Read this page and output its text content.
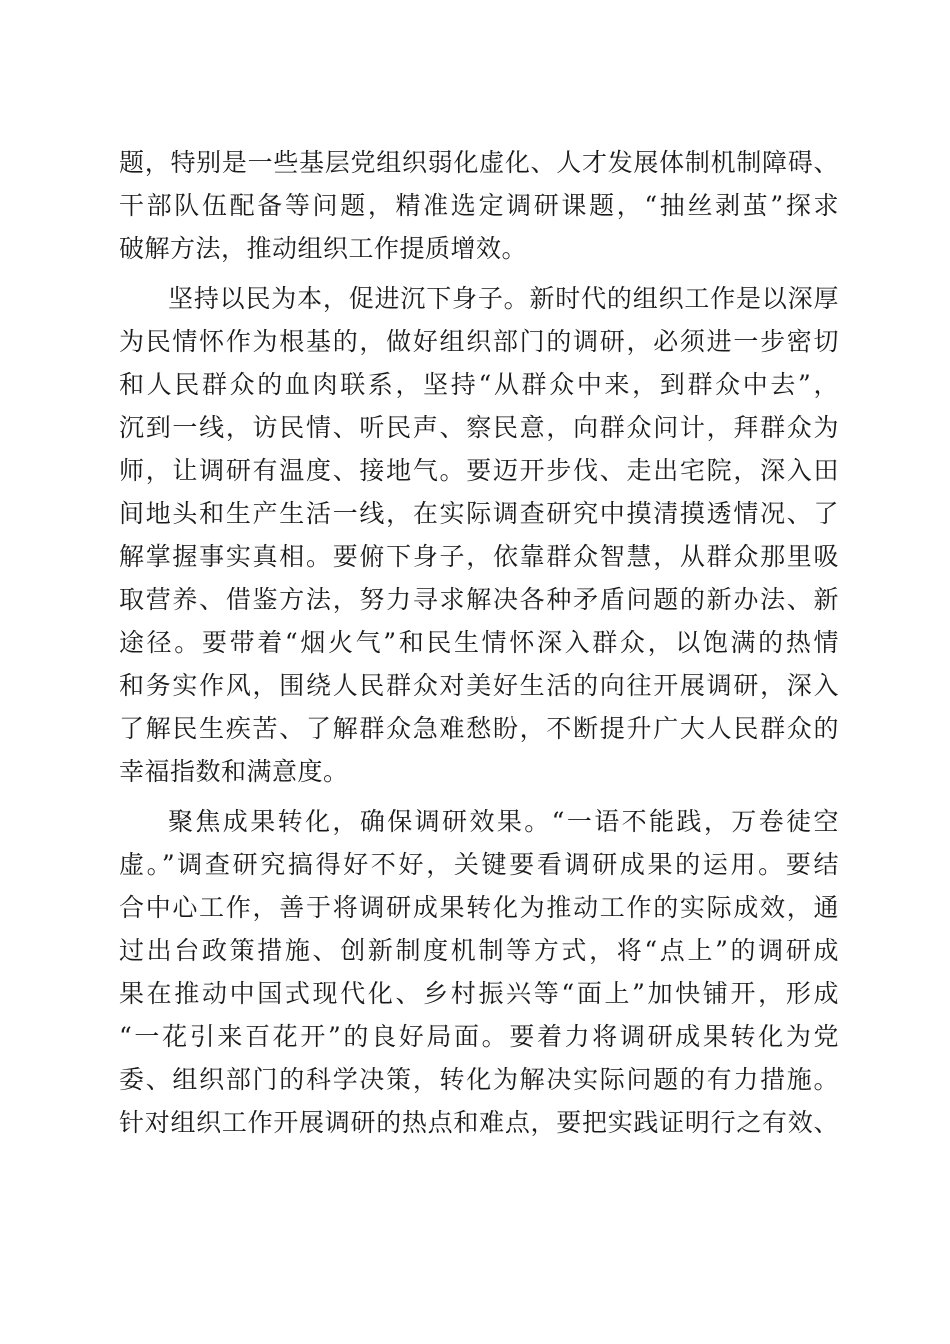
题，特别是一些基层党组织弱化虚化、人才发展体制机制障碍、
干部队伍配备等问题，精准选定调研课题，“抽丝剥茧”探求
破解方法，推动组织工作提质增效。
坚持以民为本，促进沉下身子。新时代的组织工作是以深厚
为民情怀作为根基的，做好组织部门的调研，必须进一步密切
和人民群众的血肉联系，坚持“从群众中来，到群众中去”，
沉到一线，访民情、听民声、察民意，向群众问计，拜群众为
师，让调研有温度、接地气。要迈开步伐、走出宅院，深入田
间地头和生产生活一线，在实际调查研究中摸清摸透情况、了
解掌握事实真相。要俯下身子，依靠群众智慧，从群众那里吸
取营养、借鉴方法，努力寻求解决各种矛盾问题的新办法、新
途径。要带着“烟火气”和民生情怀深入群众，以饱满的热情
和务实作风，围绕人民群众对美好生活的向往开展调研，深入
了解民生疾苦、了解群众急难愁盼，不断提升广大人民群众的
幸福指数和满意度。
聚焦成果转化，确保调研效果。“一语不能践，万卷徒空
虚。”调查研究搞得好不好，关键要看调研成果的运用。要结
合中心工作，善于将调研成果转化为推动工作的实际成效，通
过出台政策措施、创新制度机制等方式，将“点上”的调研成
果在推动中国式现代化、乡村振兴等“面上”加快铺开，形成
“一花引来百花开”的良好局面。要着力将调研成果转化为党
委、组织部门的科学决策，转化为解决实际问题的有力措施。
针对组织工作开展调研的热点和难点，要把实践证明行之有效、
